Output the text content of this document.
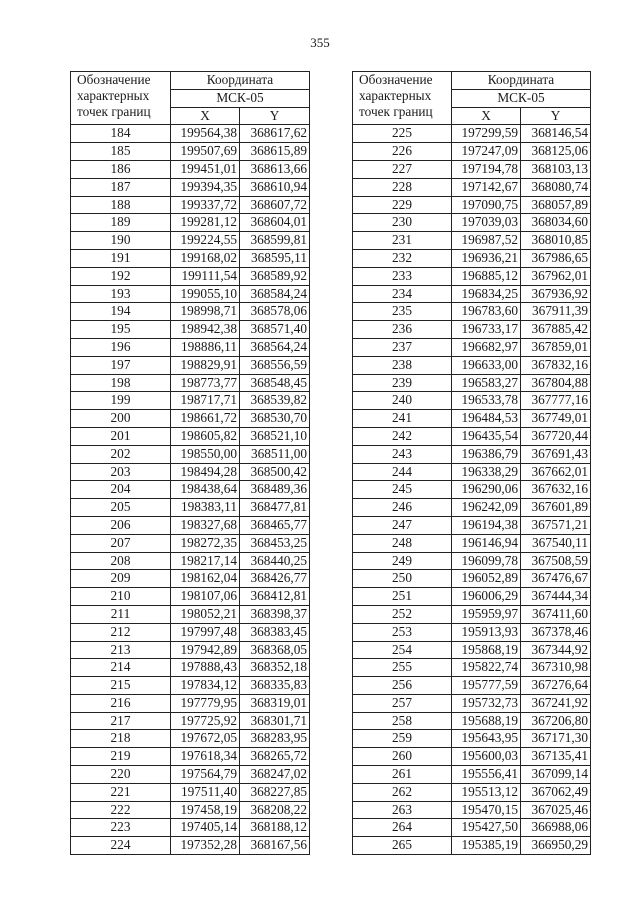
355
Обозначение
характерных
точек границ	Координата	
	МСК-05	
	X	Y
184	199564,38	368617,62
185	199507,69	368615,89
186	199451,01	368613,66
187	199394,35	368610,94
188	199337,72	368607,72
189	199281,12	368604,01
190	199224,55	368599,81
191	199168,02	368595,11
192	199111,54	368589,92
193	199055,10	368584,24
194	198998,71	368578,06
195	198942,38	368571,40
196	198886,11	368564,24
197	198829,91	368556,59
198	198773,77	368548,45
199	198717,71	368539,82
200	198661,72	368530,70
201	198605,82	368521,10
202	198550,00	368511,00
203	198494,28	368500,42
204	198438,64	368489,36
205	198383,11	368477,81
206	198327,68	368465,77
207	198272,35	368453,25
208	198217,14	368440,25
209	198162,04	368426,77
210	198107,06	368412,81
211	198052,21	368398,37
212	197997,48	368383,45
213	197942,89	368368,05
214	197888,43	368352,18
215	197834,12	368335,83
216	197779,95	368319,01
217	197725,92	368301,71
218	197672,05	368283,95
219	197618,34	368265,72
220	197564,79	368247,02
221	197511,40	368227,85
222	197458,19	368208,22
223	197405,14	368188,12
224	197352,28	368167,56
Обозначение
характерных
точек границ	Координата	
	МСК-05	
	X	Y
225	197299,59	368146,54
226	197247,09	368125,06
227	197194,78	368103,13
228	197142,67	368080,74
229	197090,75	368057,89
230	197039,03	368034,60
231	196987,52	368010,85
232	196936,21	367986,65
233	196885,12	367962,01
234	196834,25	367936,92
235	196783,60	367911,39
236	196733,17	367885,42
237	196682,97	367859,01
238	196633,00	367832,16
239	196583,27	367804,88
240	196533,78	367777,16
241	196484,53	367749,01
242	196435,54	367720,44
243	196386,79	367691,43
244	196338,29	367662,01
245	196290,06	367632,16
246	196242,09	367601,89
247	196194,38	367571,21
248	196146,94	367540,11
249	196099,78	367508,59
250	196052,89	367476,67
251	196006,29	367444,34
252	195959,97	367411,60
253	195913,93	367378,46
254	195868,19	367344,92
255	195822,74	367310,98
256	195777,59	367276,64
257	195732,73	367241,92
258	195688,19	367206,80
259	195643,95	367171,30
260	195600,03	367135,41
261	195556,41	367099,14
262	195513,12	367062,49
263	195470,15	367025,46
264	195427,50	366988,06
265	195385,19	366950,29
